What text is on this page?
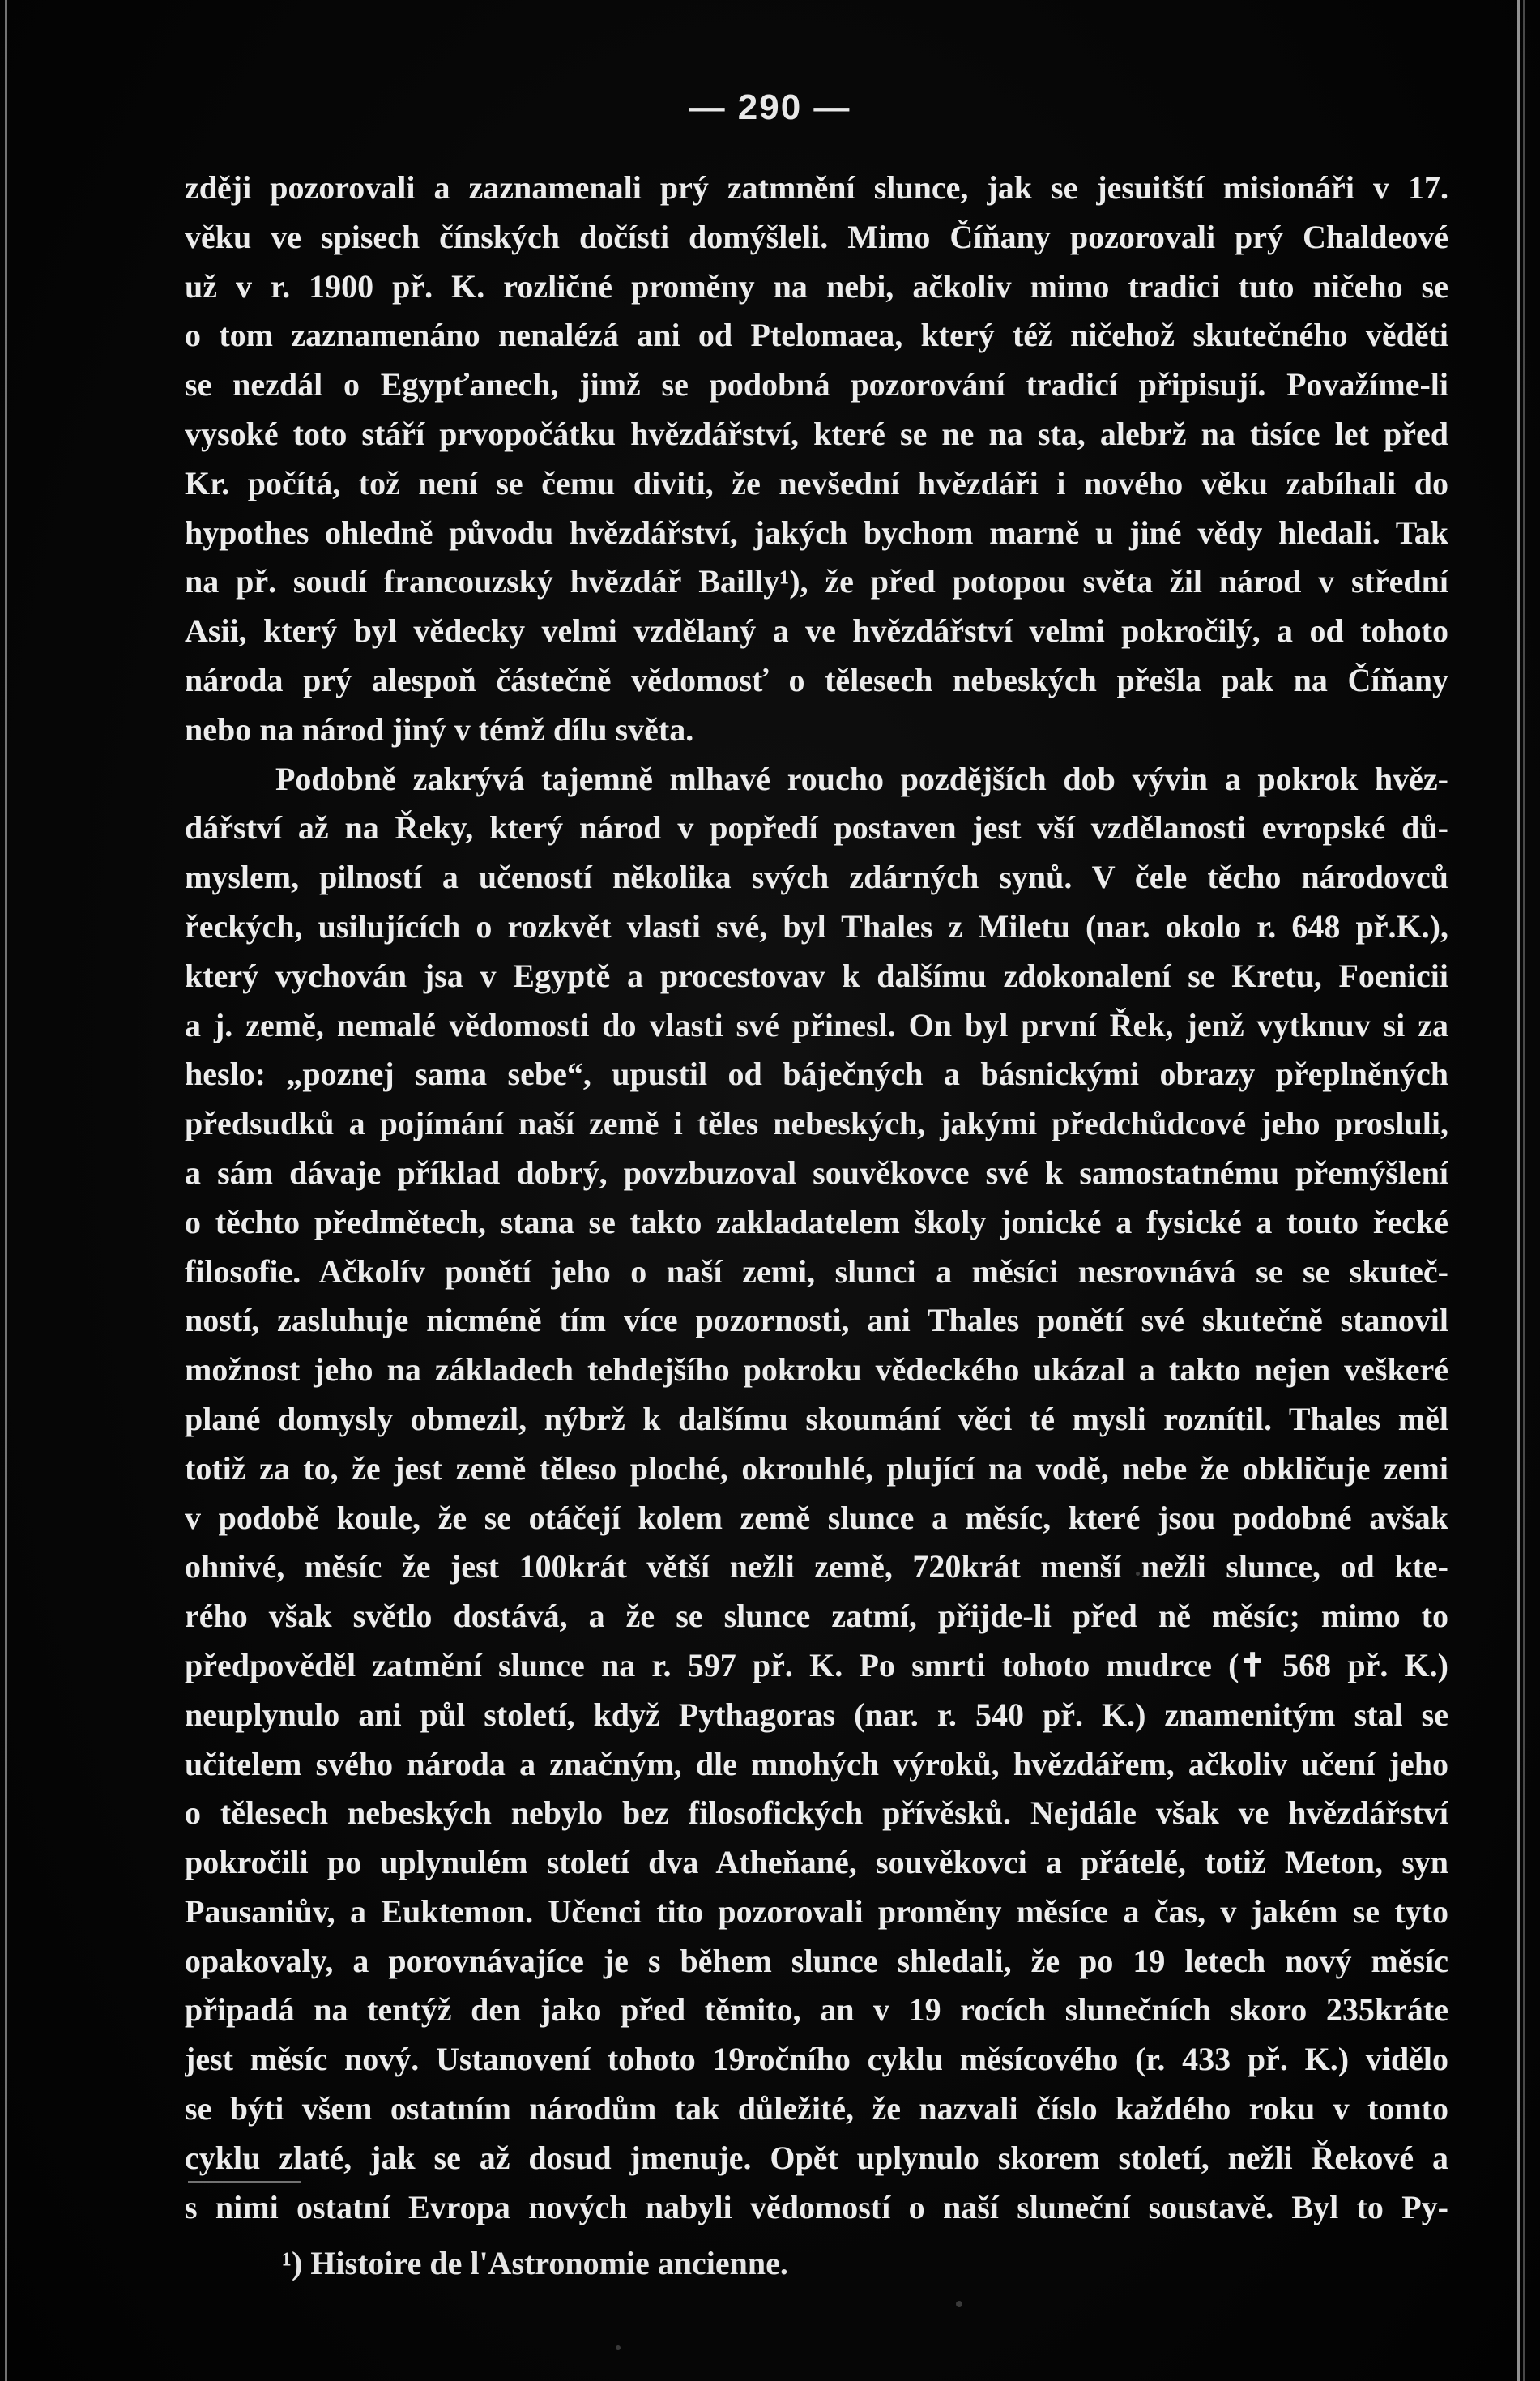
— 290 —
zději pozorovali a zaznamenali prý zatmnění slunce, jak se jesuitští misionáři v 17.
věku ve spisech čínských dočísti domýšleli. Mimo Číňany pozorovali prý Chaldeové
už v r. 1900 př. K. rozličné proměny na nebi, ačkoliv mimo tradici tuto ničeho se
o tom zaznamenáno nenalézá ani od Ptelomaea, který též ničehož skutečného věděti
se nezdál o Egypťanech, jimž se podobná pozorování tradicí připisují. Považíme-li
vysoké toto stáří prvopočátku hvězdářství, které se ne na sta, alebrž na tisíce let před
Kr. počítá, tož není se čemu diviti, že nevšední hvězdáři i nového věku zabíhali do
hypothes ohledně původu hvězdářství, jakých bychom marně u jiné vědy hledali. Tak
na př. soudí francouzský hvězdář Bailly¹), že před potopou světa žil národ v střední
Asii, který byl vědecky velmi vzdělaný a ve hvězdářství velmi pokročilý, a od tohoto
národa prý alespoň částečně vědomosť o tělesech nebeských přešla pak na Číňany
nebo na národ jiný v témž dílu světa.
Podobně zakrývá tajemně mlhavé roucho pozdějších dob vývin a pokrok hvěz-
dářství až na Řeky, který národ v popředí postaven jest vší vzdělanosti evropské dů-
myslem, pilností a učeností několika svých zdárných synů. V čele těcho národovců
řeckých, usilujících o rozkvět vlasti své, byl Thales z Miletu (nar. okolo r. 648 př.K.),
který vychován jsa v Egyptě a procestovav k dalšímu zdokonalení se Kretu, Foenicii
a j. země, nemalé vědomosti do vlasti své přinesl. On byl první Řek, jenž vytknuv si za
heslo: „poznej sama sebe“, upustil od báječných a básnickými obrazy přeplněných
předsudků a pojímání naší země i těles nebeských, jakými předchůdcové jeho prosluli,
a sám dávaje příklad dobrý, povzbuzoval souvěkovce své k samostatnému přemýšlení
o těchto předmětech, stana se takto zakladatelem školy jonické a fysické a touto řecké
filosofie. Ačkolív ponětí jeho o naší zemi, slunci a měsíci nesrovnává se se skuteč-
ností, zasluhuje nicméně tím více pozornosti, ani Thales ponětí své skutečně stanovil
možnost jeho na základech tehdejšího pokroku vědeckého ukázal a takto nejen veškeré
plané domysly obmezil, nýbrž k dalšímu skoumání věci té mysli roznítil. Thales měl
totiž za to, že jest země těleso ploché, okrouhlé, plující na vodě, nebe že obkličuje zemi
v podobě koule, že se otáčejí kolem země slunce a měsíc, které jsou podobné avšak
ohnivé, měsíc že jest 100krát větší nežli země, 720krát menší nežli slunce, od kte-
rého však světlo dostává, a že se slunce zatmí, přijde-li před ně měsíc; mimo to
předpověděl zatmění slunce na r. 597 př. K. Po smrti tohoto mudrce (✝ 568 př. K.)
neuplynulo ani půl století, když Pythagoras (nar. r. 540 př. K.) znamenitým stal se
učitelem svého národa a značným, dle mnohých výroků, hvězdářem, ačkoliv učení jeho
o tělesech nebeských nebylo bez filosofických přívěsků. Nejdále však ve hvězdářství
pokročili po uplynulém století dva Atheňané, souvěkovci a přátelé, totiž Meton, syn
Pausaniův, a Euktemon. Učenci tito pozorovali proměny měsíce a čas, v jakém se tyto
opakovaly, a porovnávajíce je s během slunce shledali, že po 19 letech nový měsíc
připadá na tentýž den jako před těmito, an v 19 rocích slunečních skoro 235kráte
jest měsíc nový. Ustanovení tohoto 19ročního cyklu měsícového (r. 433 př. K.) vidělo
se býti všem ostatním národům tak důležité, že nazvali číslo každého roku v tomto
cyklu zlaté, jak se až dosud jmenuje. Opět uplynulo skorem století, nežli Řekové a
s nimi ostatní Evropa nových nabyli vědomostí o naší sluneční soustavě. Byl to Py-
¹) Histoire de l'Astronomie ancienne.
